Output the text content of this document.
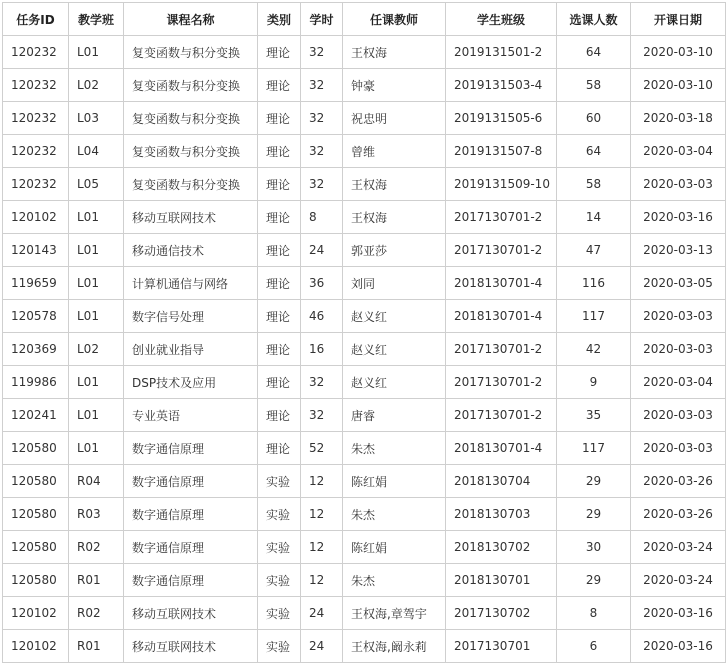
任务ID	教学班	课程名称	类别	学时	任课教师	学生班级	选课人数	开课日期
120232	L01	复变函数与积分变换	理论	32	王权海	2019131501-2	64	2020-03-10
120232	L02	复变函数与积分变换	理论	32	钟豪	2019131503-4	58	2020-03-10
120232	L03	复变函数与积分变换	理论	32	祝忠明	2019131505-6	60	2020-03-18
120232	L04	复变函数与积分变换	理论	32	曾维	2019131507-8	64	2020-03-04
120232	L05	复变函数与积分变换	理论	32	王权海	2019131509-10	58	2020-03-03
120102	L01	移动互联网技术	理论	8	王权海	2017130701-2	14	2020-03-16
120143	L01	移动通信技术	理论	24	郭亚莎	2017130701-2	47	2020-03-13
119659	L01	计算机通信与网络	理论	36	刘同	2018130701-4	116	2020-03-05
120578	L01	数字信号处理	理论	46	赵义红	2018130701-4	117	2020-03-03
120369	L02	创业就业指导	理论	16	赵义红	2017130701-2	42	2020-03-03
119986	L01	DSP技术及应用	理论	32	赵义红	2017130701-2	9	2020-03-04
120241	L01	专业英语	理论	32	唐睿	2017130701-2	35	2020-03-03
120580	L01	数字通信原理	理论	52	朱杰	2018130701-4	117	2020-03-03
120580	R04	数字通信原理	实验	12	陈红娟	2018130704	29	2020-03-26
120580	R03	数字通信原理	实验	12	朱杰	2018130703	29	2020-03-26
120580	R02	数字通信原理	实验	12	陈红娟	2018130702	30	2020-03-24
120580	R01	数字通信原理	实验	12	朱杰	2018130701	29	2020-03-24
120102	R02	移动互联网技术	实验	24	王权海,章驾宇	2017130702	8	2020-03-16
120102	R01	移动互联网技术	实验	24	王权海,阚永莉	2017130701	6	2020-03-16
